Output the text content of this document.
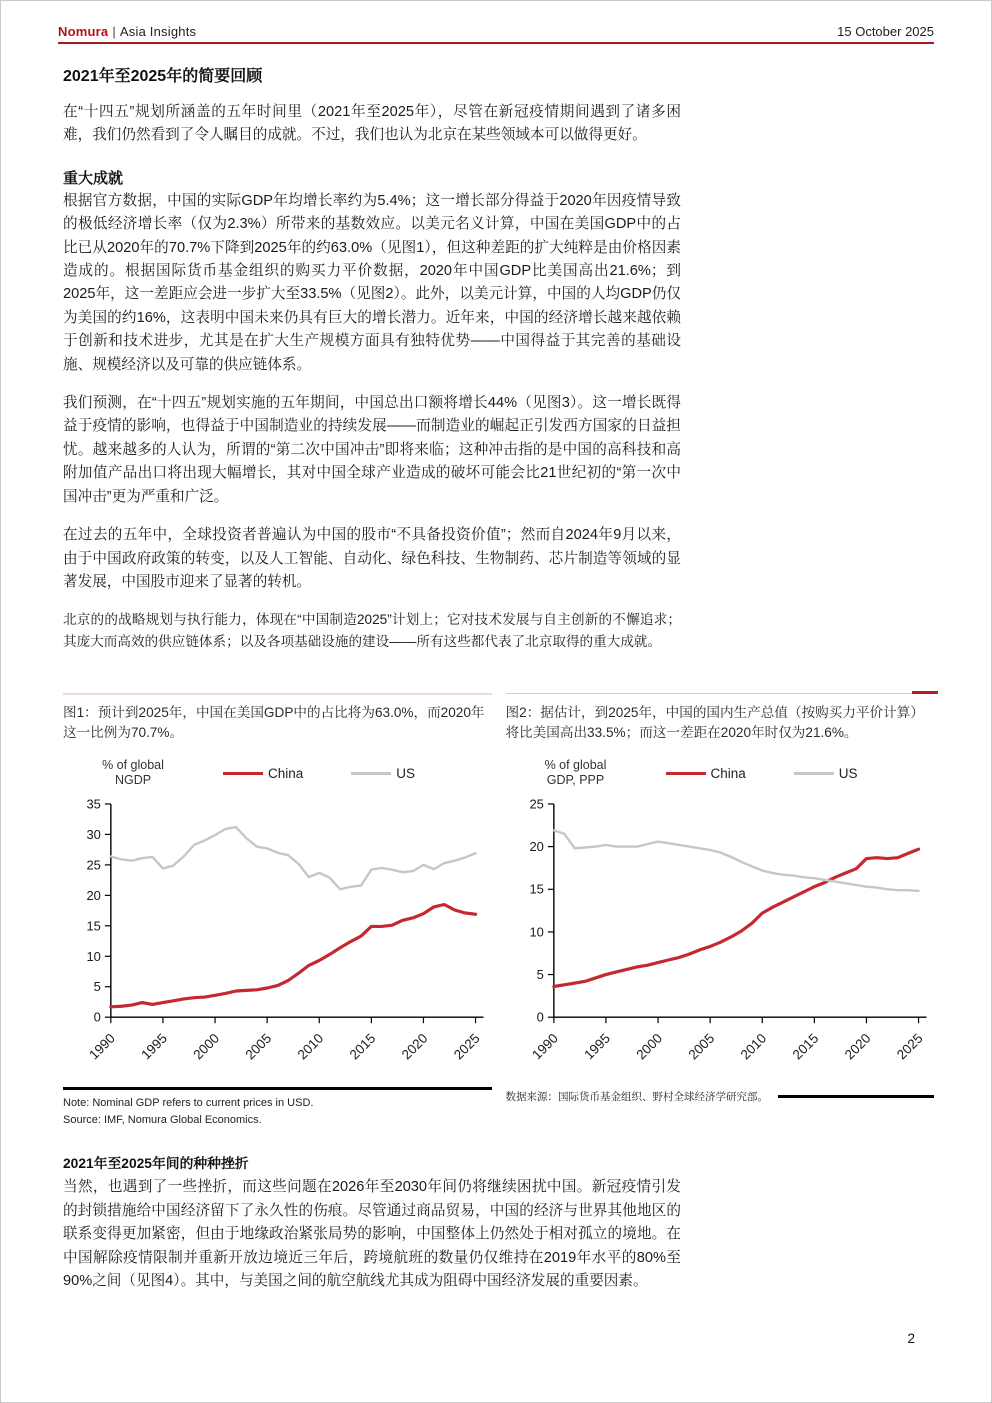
Nomura | Asia Insights	15 October 2025
2021年至2025年的简要回顾

在“十四五”规划所涵盖的五年时间里（2021年至2025年），尽管在新冠疫情期间遇到了诸多困难，我们仍然看到了令人瞩目的成就。不过，我们也认为北京在某些领域本可以做得更好。

重大成就

根据官方数据，中国的实际GDP年均增长率约为5.4%；这一增长部分得益于2020年因疫情导致的极低经济增长率（仅为2.3%）所带来的基数效应。以美元名义计算，中国在美国GDP中的占比已从2020年的70.7%下降到2025年的约63.0%（见图1），但这种差距的扩大纯粹是由价格因素造成的。根据国际货币基金组织的购买力平价数据，2020年中国GDP比美国高出21.6%；到2025年，这一差距应会进一步扩大至33.5%（见图2）。此外，以美元计算，中国的人均GDP仍仅为美国的约16%，这表明中国未来仍具有巨大的增长潜力。近年来，中国的经济增长越来越依赖于创新和技术进步，尤其是在扩大生产规模方面具有独特优势——中国得益于其完善的基础设施、规模经济以及可靠的供应链体系。

我们预测，在“十四五”规划实施的五年期间，中国总出口额将增长44%（见图3）。这一增长既得益于疫情的影响，也得益于中国制造业的持续发展——而制造业的崛起正引发西方国家的日益担忧。越来越多的人认为，所谓的“第二次中国冲击”即将来临；这种冲击指的是中国的高科技和高附加值产品出口将出现大幅增长，其对中国全球产业造成的破坏可能会比21世纪初的“第一次中国冲击”更为严重和广泛。

在过去的五年中，全球投资者普遍认为中国的股市“不具备投资价值”；然而自2024年9月以来，由于中国政府政策的转变，以及人工智能、自动化、绿色科技、生物制药、芯片制造等领域的显著发展，中国股市迎来了显著的转机。

北京的的战略规划与执行能力，体现在“中国制造2025”计划上；它对技术发展与自主创新的不懈追求；其庞大而高效的供应链体系；以及各项基础设施的建设——所有这些都代表了北京取得的重大成就。

图1：预计到2025年，中国在美国GDP中的占比将为63.0%，而2020年这一比例为70.7%。
% of global
NGDP	China	US
0
5
10
15
20
25
30
35
1990 1995 2000 2005 2010 2015 2020 2025
Note: Nominal GDP refers to current prices in USD.
Source: IMF, Nomura Global Economics.
图2：据估计，到2025年，中国的国内生产总值（按购买力平价计算）将比美国高出33.5%；而这一差距在2020年时仅为21.6%。
% of global
GDP, PPP	China	US
0
5
10
15
20
25
1990 1995 2000 2005 2010 2015 2020 2025
数据来源：国际货币基金组织、野村全球经济学研究部。
2021年至2025年间的种种挫折

当然，也遇到了一些挫折，而这些问题在2026年至2030年间仍将继续困扰中国。新冠疫情引发的封锁措施给中国经济留下了永久性的伤痕。尽管通过商品贸易，中国的经济与世界其他地区的联系变得更加紧密，但由于地缘政治紧张局势的影响，中国整体上仍然处于相对孤立的境地。在中国解除疫情限制并重新开放边境近三年后，跨境航班的数量仍仅维持在2019年水平的80%至90%之间（见图4）。其中，与美国之间的航空航线尤其成为阻碍中国经济发展的重要因素。

2
